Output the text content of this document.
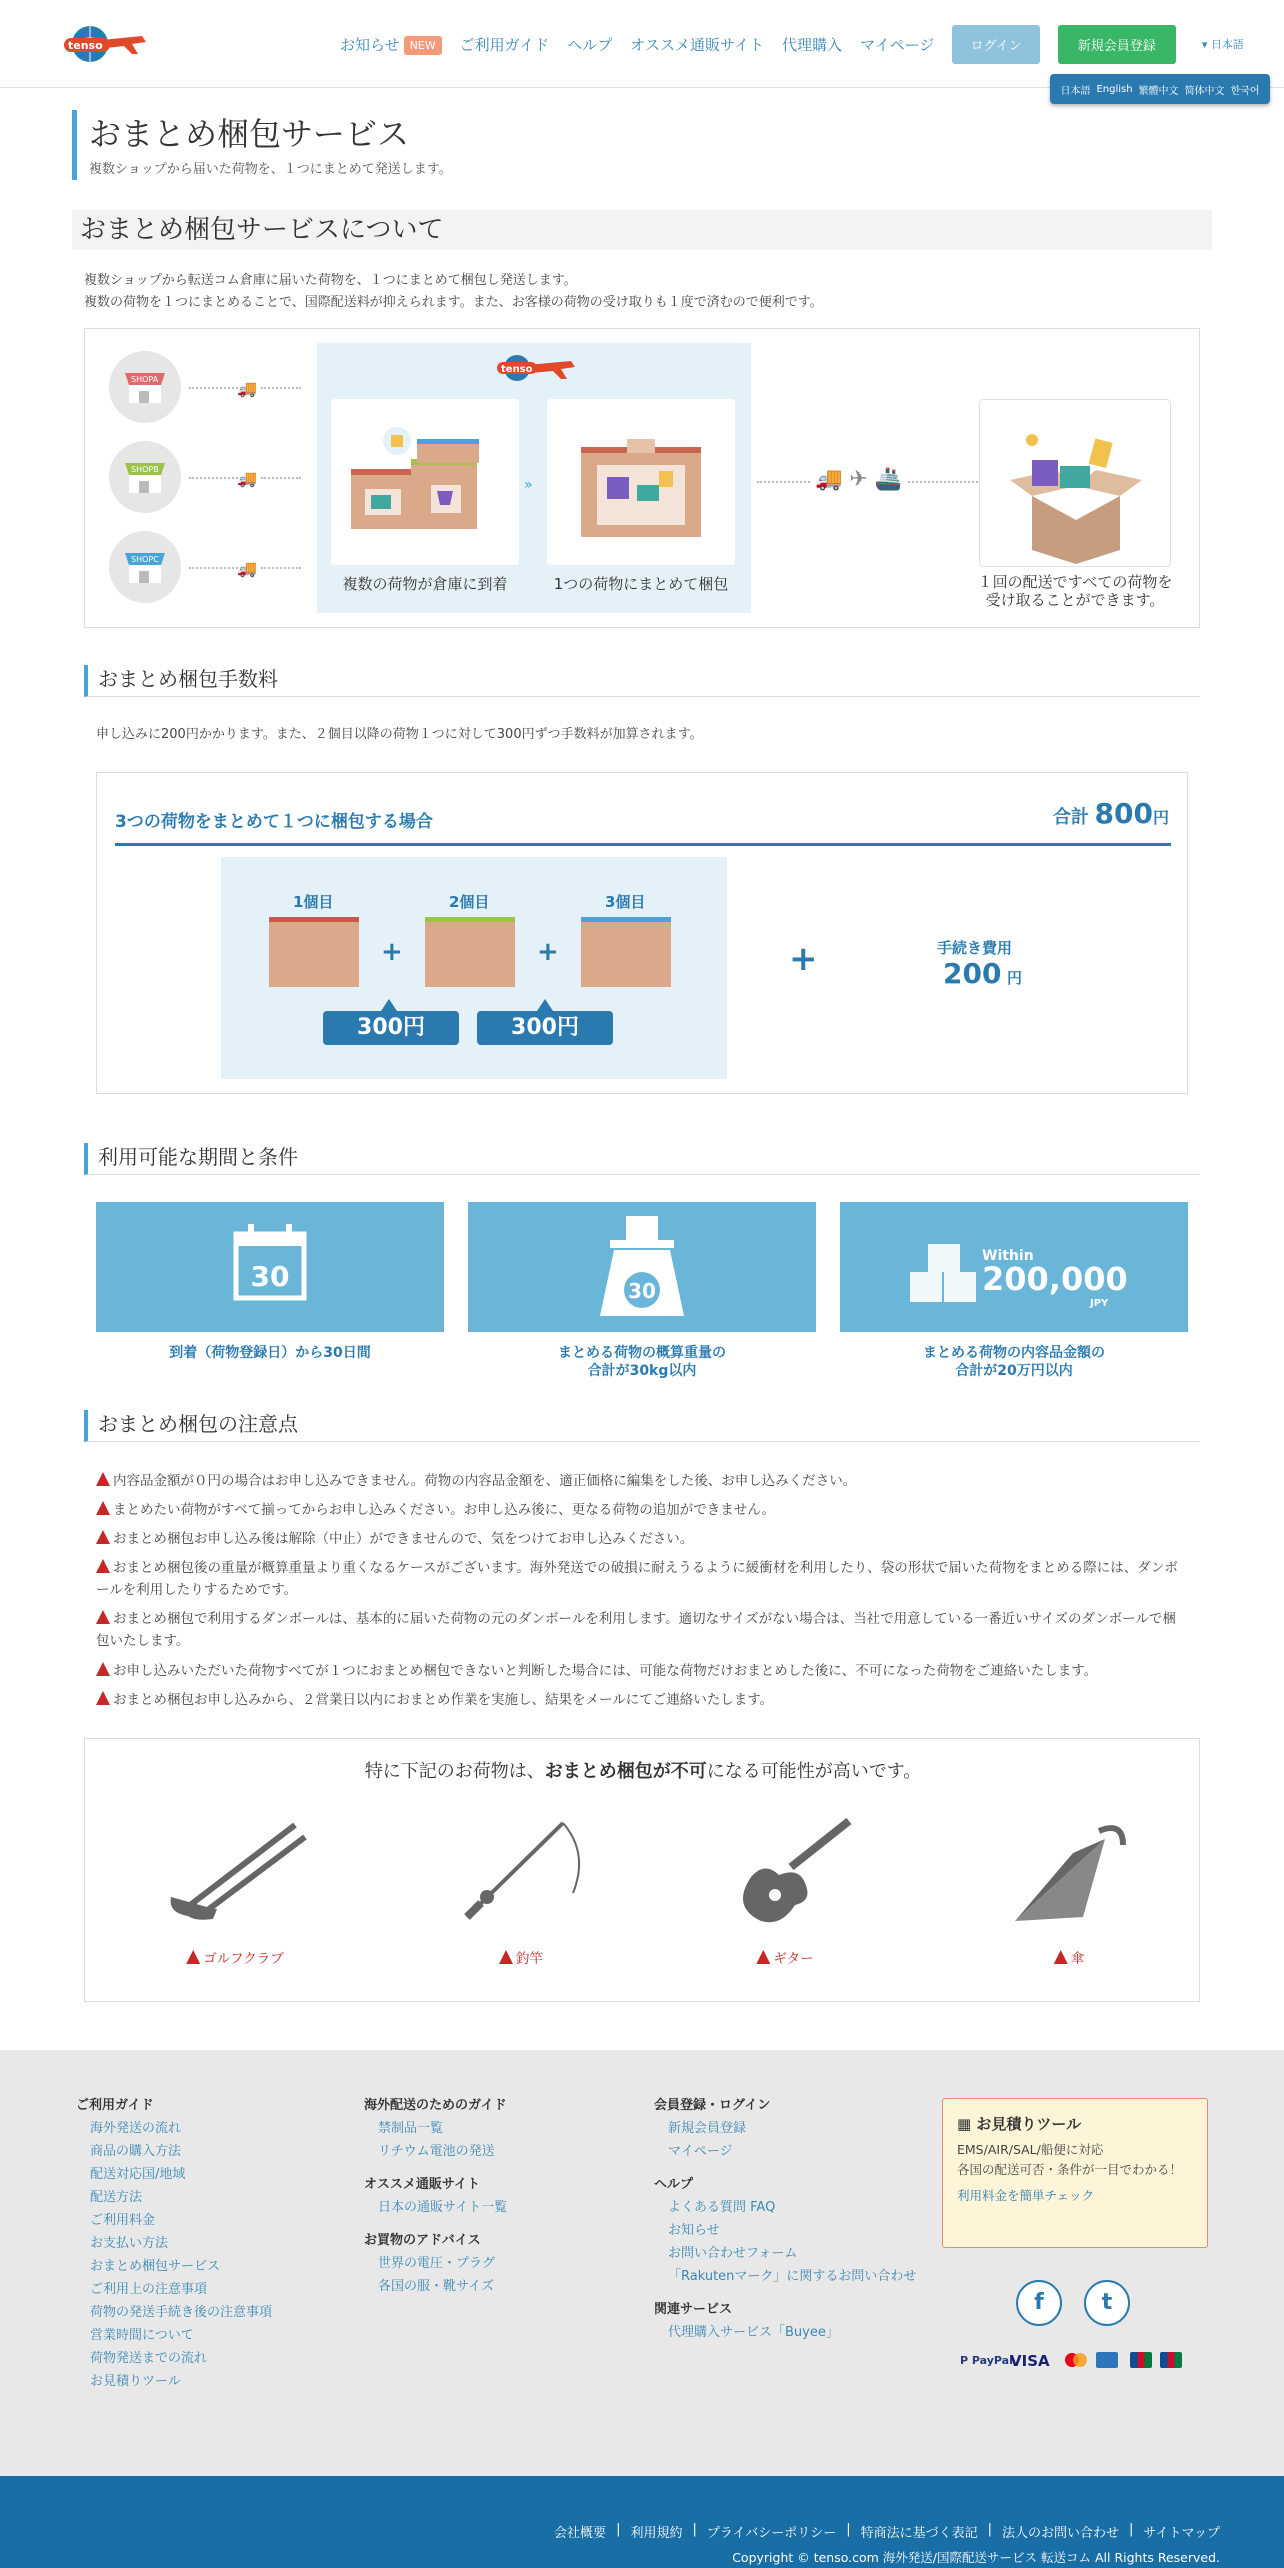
tenso	お知らせ NEW	ご利用ガイド ヘルプ オススメ通販サイト 代理購入 マイページ	ログイン	新規会員登録	▾ 日本語
日本語 English 繁體中文 简体中文 한국어
おまとめ梱包サービス

複数ショップから届いた荷物を、１つにまとめて発送します。

おまとめ梱包サービスについて
複数ショップから転送コム倉庫に届いた荷物を、１つにまとめて梱包し発送します。
複数の荷物を１つにまとめることで、国際配送料が抑えられます。また、お客様の荷物の受け取りも１度で済むので便利です。
SHOPA	🚚
SHOPB	🚚
SHOPC	🚚
tenso
»
複数の荷物が倉庫に到着	1つの荷物にまとめて梱包
🚚 ✈ 🚢
１回の配送ですべての荷物を
受け取ることができます。
おまとめ梱包手数料
申し込みに200円かかります。また、２個目以降の荷物１つに対して300円ずつ手数料が加算されます。
3つの荷物をまとめて１つに梱包する場合	合計 800円
1個目
+
2個目
+
3個目
300円	300円
+	手続き費用
200 円
利用可能な期間と条件
30	30
Within
200,000
JPY
到着（荷物登録日）から30日間	まとめる荷物の概算重量の
合計が30kg以内
まとめる荷物の内容品金額の
合計が20万円以内
おまとめ梱包の注意点
内容品金額が０円の場合はお申し込みできません。荷物の内容品金額を、適正価格に編集をした後、お申し込みください。
まとめたい荷物がすべて揃ってからお申し込みください。お申し込み後に、更なる荷物の追加ができません。
おまとめ梱包お申し込み後は解除（中止）ができませんので、気をつけてお申し込みください。
おまとめ梱包後の重量が概算重量より重くなるケースがございます。海外発送での破損に耐えうるように緩衝材を利用したり、袋の形状で届いた荷物をまとめる際には、ダンボールを利用したりするためです。
おまとめ梱包で利用するダンボールは、基本的に届いた荷物の元のダンボールを利用します。適切なサイズがない場合は、当社で用意している一番近いサイズのダンボールで梱包いたします。
お申し込みいただいた荷物すべてが１つにおまとめ梱包できないと判断した場合には、可能な荷物だけおまとめした後に、不可になった荷物をご連絡いたします。
おまとめ梱包お申し込みから、２営業日以内におまとめ作業を実施し、結果をメールにてご連絡いたします。
特に下記のお荷物は、おまとめ梱包が不可になる可能性が高いです。
ゴルフクラブ	釣竿	ギター	傘
ご利用ガイド
海外発送の流れ
商品の購入方法
配送対応国/地域
配送方法
ご利用料金
お支払い方法
おまとめ梱包サービス
ご利用上の注意事項
荷物の発送手続き後の注意事項
営業時間について
荷物発送までの流れ
お見積りツール
海外配送のためのガイド
禁制品一覧
リチウム電池の発送
オススメ通販サイト
日本の通販サイト一覧
お買物のアドバイス
世界の電圧・プラグ
各国の服・靴サイズ
会員登録・ログイン
新規会員登録
マイページ
ヘルプ
よくある質問 FAQ
お知らせ
お問い合わせフォーム
「Rakutenマーク」に関するお問い合わせ
関連サービス
代理購入サービス「Buyee」
▦ お見積りツール
EMS/AIR/SAL/船便に対応
各国の配送可否・条件が一目でわかる！
利用料金を簡単チェック
f	t
P PayPal
VISA
会社概要 | 利用規約 | プライバシーポリシー | 特商法に基づく表記 | 法人のお問い合わせ | サイトマップ
Copyright © tenso.com 海外発送/国際配送サービス 転送コム All Rights Reserved.
